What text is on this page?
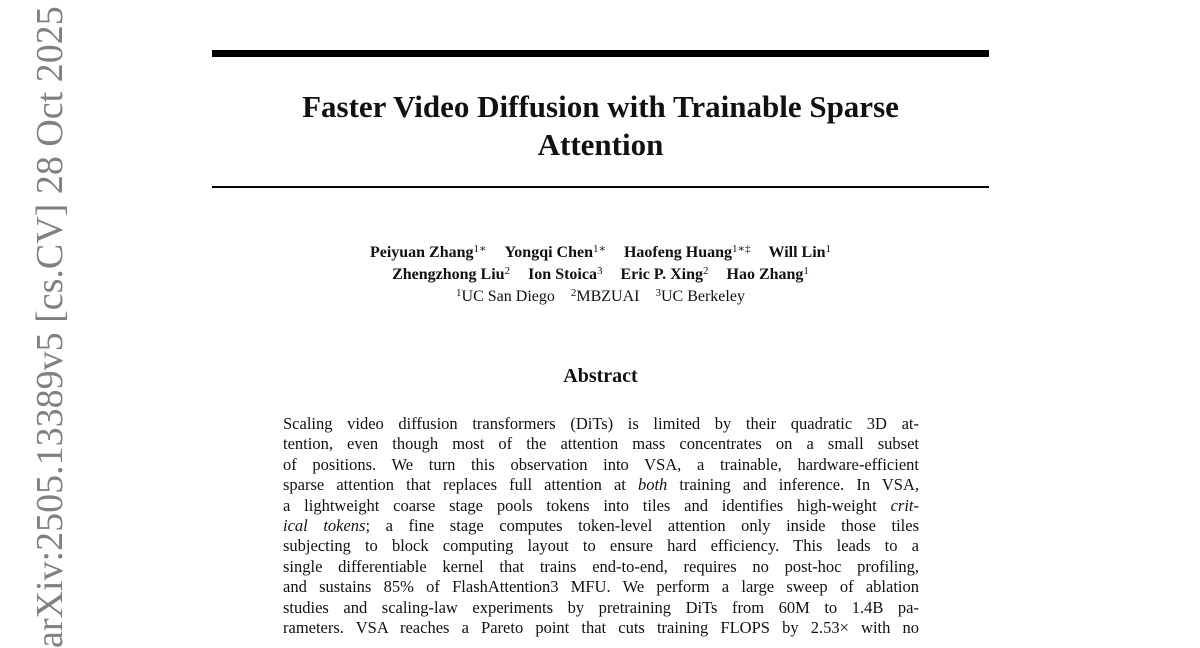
Faster Video Diffusion with Trainable Sparse
Attention
Peiyuan Zhang$^{1∗}$ Yongqi Chen$^{1∗}$ Haofeng Huang$^{1∗\ddagger}$ Will Lin$^1$
Zhengzhong Liu$^2$ Ion Stoica$^3$ Eric P. Xing$^2$ Hao Zhang$^1$
$^1$UC San Diego $^2$MBZUAI $^3$UC Berkeley
Abstract
Scaling video diffusion transformers (DiTs) is limited by their quadratic 3D at-
tention, even though most of the attention mass concentrates on a small subset
of positions. We turn this observation into VSA, a trainable, hardware-efficient
sparse attention that replaces full attention at both training and inference. In VSA,
a lightweight coarse stage pools tokens into tiles and identifies high-weight crit-
ical tokens; a fine stage computes token-level attention only inside those tiles
subjecting to block computing layout to ensure hard efficiency. This leads to a
single differentiable kernel that trains end-to-end, requires no post-hoc profiling,
and sustains 85% of FlashAttention3 MFU. We perform a large sweep of ablation
studies and scaling-law experiments by pretraining DiTs from 60M to 1.4B pa-
rameters. VSA reaches a Pareto point that cuts training FLOPS by 2.53× with no
arXiv:2505.13389v5 [cs.CV] 28 Oct 2025
